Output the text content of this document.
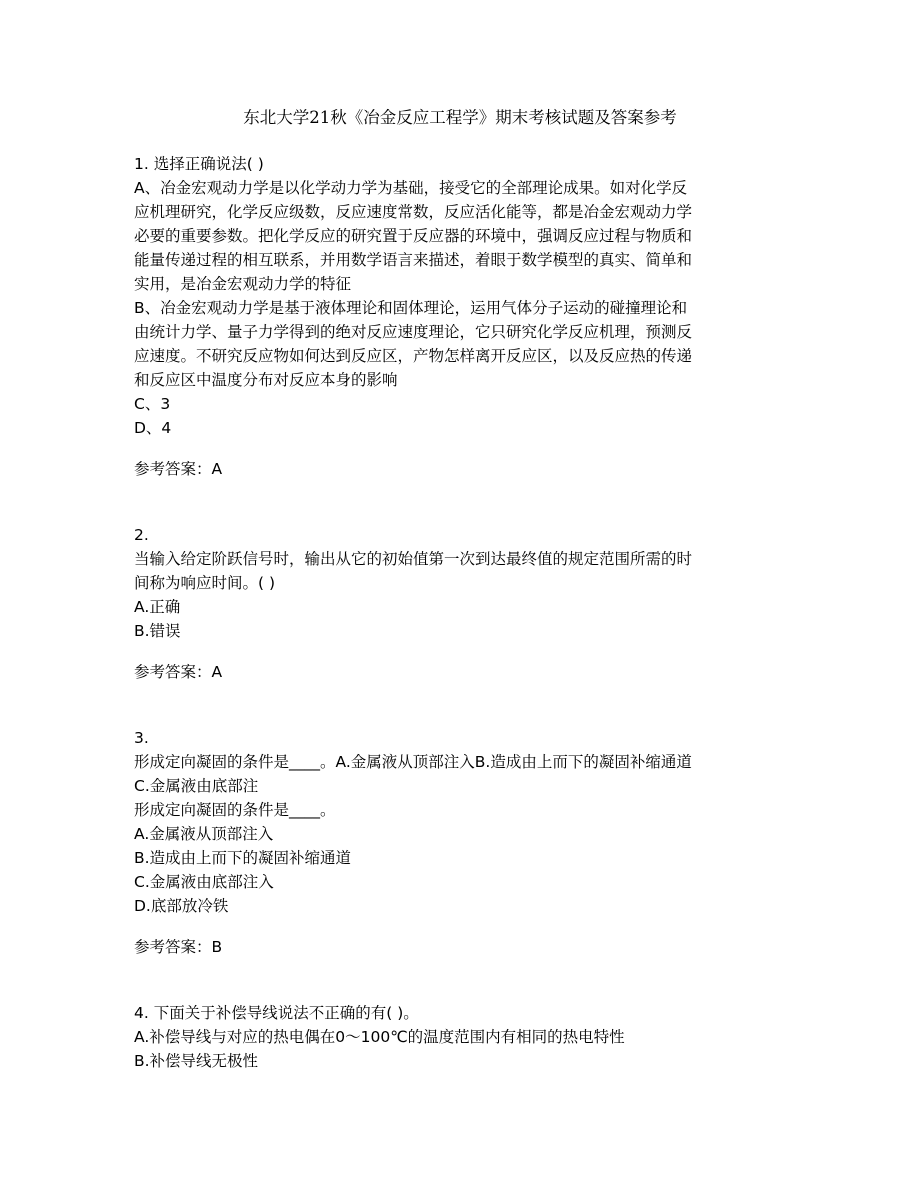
东北大学21秋《冶金反应工程学》期末考核试题及答案参考
1. 选择正确说法( )
A、冶金宏观动力学是以化学动力学为基础，接受它的全部理论成果。如对化学反
应机理研究，化学反应级数，反应速度常数，反应活化能等，都是冶金宏观动力学
必要的重要参数。把化学反应的研究置于反应器的环境中，强调反应过程与物质和
能量传递过程的相互联系，并用数学语言来描述，着眼于数学模型的真实、简单和
实用，是冶金宏观动力学的特征
B、冶金宏观动力学是基于液体理论和固体理论，运用气体分子运动的碰撞理论和
由统计力学、量子力学得到的绝对反应速度理论，它只研究化学反应机理，预测反
应速度。不研究反应物如何达到反应区，产物怎样离开反应区，以及反应热的传递
和反应区中温度分布对反应本身的影响
C、3
D、4
参考答案：A
2.
当输入给定阶跃信号时，输出从它的初始值第一次到达最终值的规定范围所需的时
间称为响应时间。( )
A.正确
B.错误
参考答案：A
3.
形成定向凝固的条件是____。A.金属液从顶部注入B.造成由上而下的凝固补缩通道
C.金属液由底部注
形成定向凝固的条件是____。
A.金属液从顶部注入
B.造成由上而下的凝固补缩通道
C.金属液由底部注入
D.底部放冷铁
参考答案：B
4. 下面关于补偿导线说法不正确的有( )。
A.补偿导线与对应的热电偶在0～100℃的温度范围内有相同的热电特性
B.补偿导线无极性
